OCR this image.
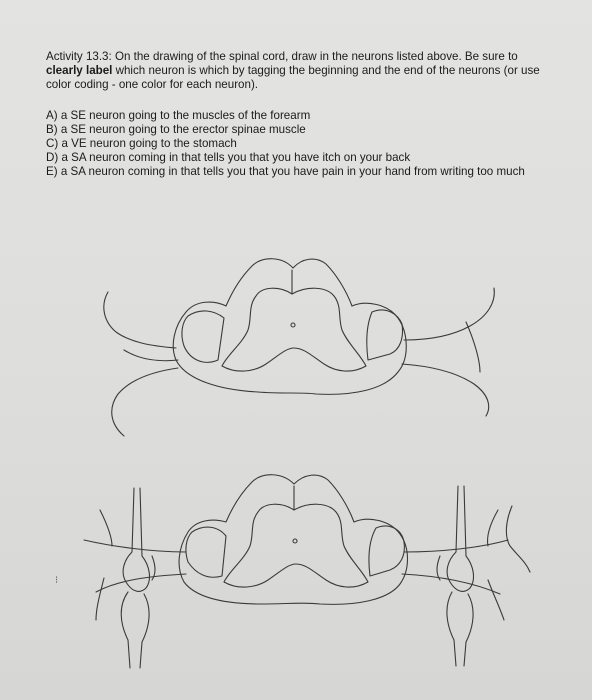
Activity 13.3: On the drawing of the spinal cord, draw in the neurons listed above. Be sure to clearly label which neuron is which by tagging the beginning and the end of the neurons (or use color coding - one color for each neuron).

A) a SE neuron going to the muscles of the forearm
B) a SE neuron going to the erector spinae muscle
C) a VE neuron going to the stomach
D) a SA neuron coming in that tells you that you have itch on your back
E) a SA neuron coming in that tells you that you have pain in your hand from writing too much
⁝
